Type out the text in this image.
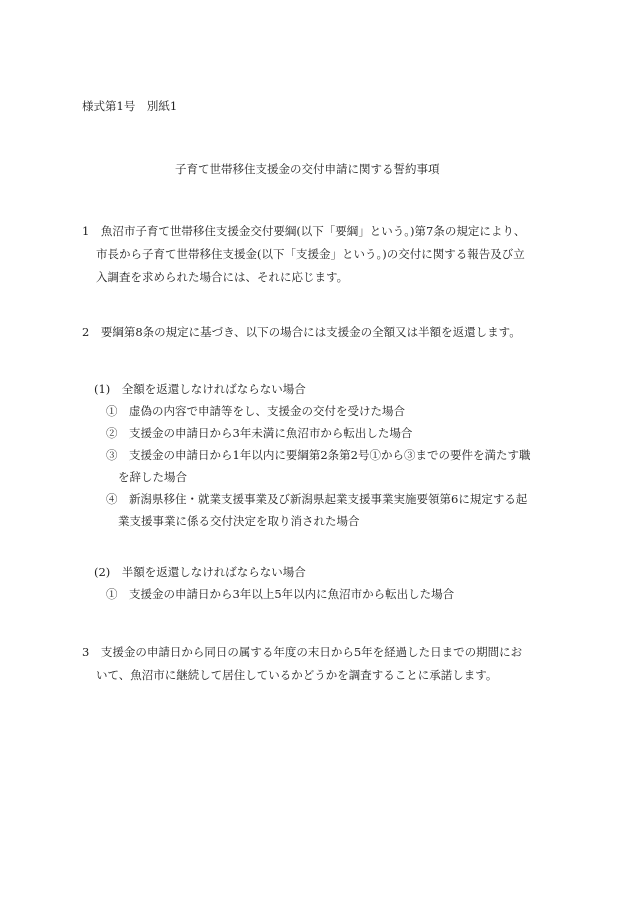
様式第1号　別紙1
子育て世帯移住支援金の交付申請に関する誓約事項
1　魚沼市子育て世帯移住支援金交付要綱(以下「要綱」という。)第7条の規定により、
市長から子育て世帯移住支援金(以下「支援金」という。)の交付に関する報告及び立
入調査を求められた場合には、それに応じます。
2　要綱第8条の規定に基づき、以下の場合には支援金の全額又は半額を返還します。
(1)　全額を返還しなければならない場合
①　虚偽の内容で申請等をし、支援金の交付を受けた場合
②　支援金の申請日から3年未満に魚沼市から転出した場合
③　支援金の申請日から1年以内に要綱第2条第2号①から③までの要件を満たす職
を辞した場合
④　新潟県移住・就業支援事業及び新潟県起業支援事業実施要領第6に規定する起
業支援事業に係る交付決定を取り消された場合
(2)　半額を返還しなければならない場合
①　支援金の申請日から3年以上5年以内に魚沼市から転出した場合
3　支援金の申請日から同日の属する年度の末日から5年を経過した日までの期間にお
いて、魚沼市に継続して居住しているかどうかを調査することに承諾します。
